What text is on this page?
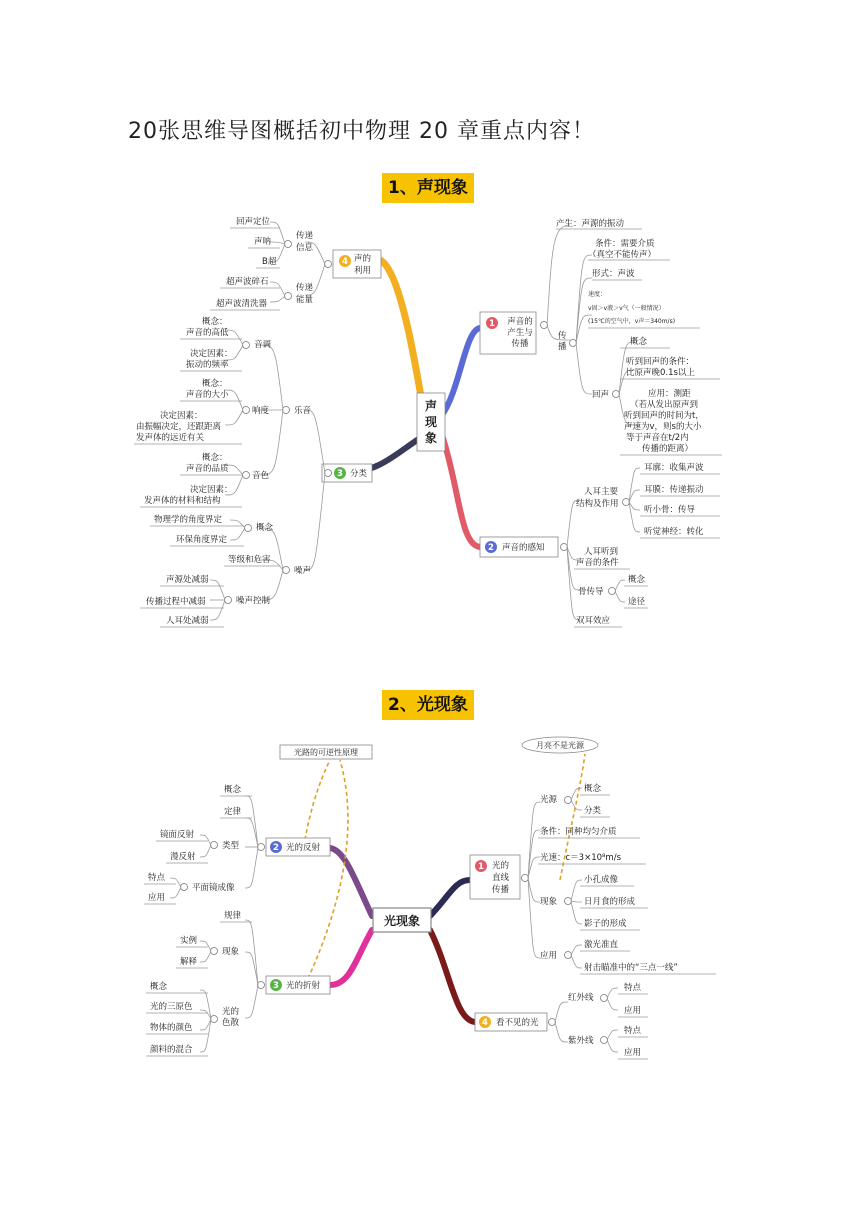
20张思维导图概括初中物理 20 章重点内容！
1、声现象
2、光现象
声
现
象
1 声音的
产生与
传播
产生：声源的振动
传
播
条件：需要介质
（真空不能传声）
形式：声波
速度：
v固＞v液＞v气（一般情况）
(15℃的空气中，v声＝340m/s)
回声
概念
听到回声的条件：
比原声晚0.1s以上
应用：测距
（若从发出原声到
听到回声的时间为t，
声速为v，则s的大小
等于声音在t/2内
传播的距离）
2 声音的感知
人耳主要
结构及作用
耳廓：收集声波
耳膜：传递振动
听小骨：传导
听觉神经：转化
人耳听到
声音的条件
骨传导
概念
途径
双耳效应
3 分类
乐音
音调
概念：
声音的高低
决定因素：
振动的频率
响度
概念：
声音的大小
决定因素：
由振幅决定，还跟距离
发声体的远近有关
音色
概念：
声音的品质
决定因素：
发声体的材料和结构
噪声
概念
物理学的角度界定
环保角度界定
等级和危害
噪声控制
声源处减弱
传播过程中减弱
人耳处减弱
4 声的
利用
传递
信息
回声定位
声呐
B超
传递
能量
超声波碎石
超声波清洗器
光现象
光路的可逆性原理
月亮不是光源
1 光的
直线
传播
光源
概念
分类
条件：同种均匀介质
光速：c＝3×10⁸m/s
现象
小孔成像
日月食的形成
影子的形成
应用
激光准直
射击瞄准中的“三点一线”
4 看不见的光
红外线
特点
应用
紫外线
特点
应用
2 光的反射
概念
定律
类型
镜面反射
漫反射
平面镜成像
特点
应用
3 光的折射
规律
现象
实例
解释
光的
色散
概念
光的三原色
物体的颜色
颜料的混合
